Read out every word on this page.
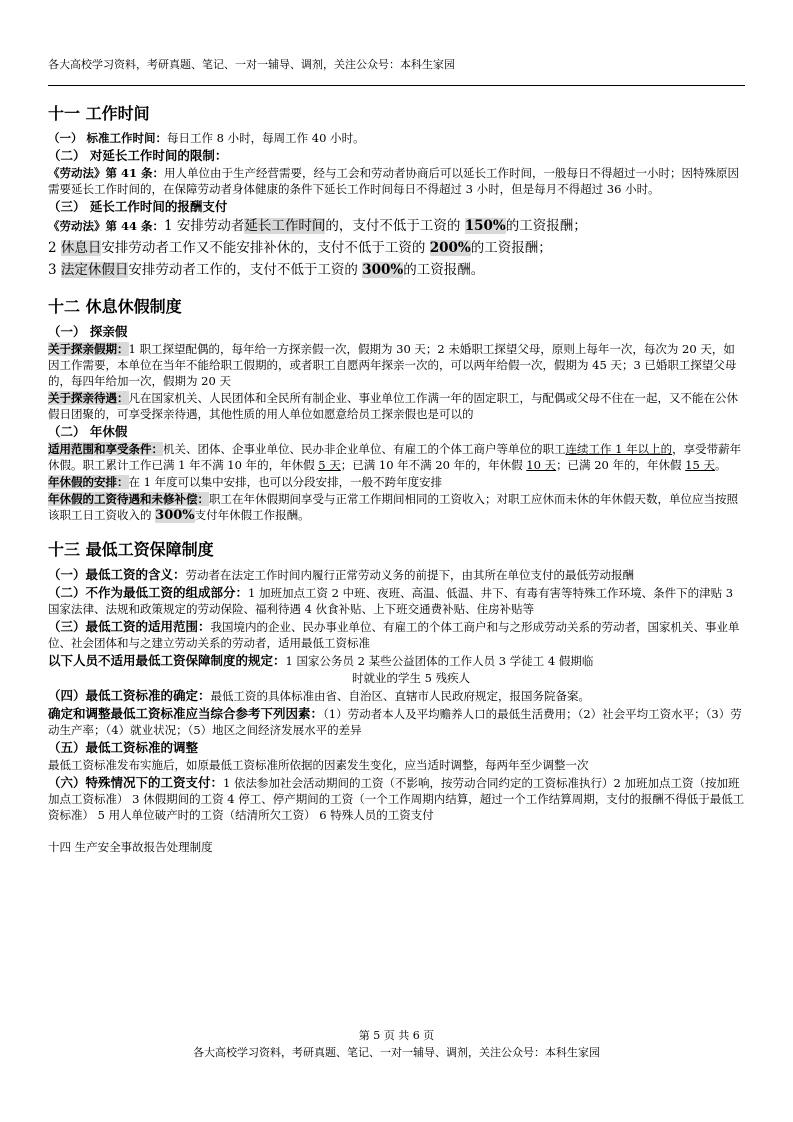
各大高校学习资料，考研真题、笔记、一对一辅导、调剂，关注公众号：本科生家园
十一 工作时间
（一） 标准工作时间：每日工作 8 小时，每周工作 40 小时。
（二） 对延长工作时间的限制：
《劳动法》第 41 条：用人单位由于生产经营需要，经与工会和劳动者协商后可以延长工作时间，一般每日不得超过一小时；因特殊原因需要延长工作时间的，在保障劳动者身体健康的条件下延长工作时间每日不得超过 3 小时，但是每月不得超过 36 小时。
（三） 延长工作时间的报酬支付
《劳动法》第 44 条：1 安排劳动者延长工作时间的，支付不低于工资的 150%的工资报酬；
2 休息日安排劳动者工作又不能安排补休的，支付不低于工资的 200%的工资报酬；
3 法定休假日安排劳动者工作的，支付不低于工资的 300%的工资报酬。
十二 休息休假制度
（一） 探亲假
关于探亲假期：1 职工探望配偶的，每年给一方探亲假一次，假期为 30 天；2 未婚职工探望父母，原则上每年一次，每次为 20 天，如因工作需要，本单位在当年不能给职工假期的，或者职工自愿两年探亲一次的，可以两年给假一次，假期为 45 天；3 已婚职工探望父母的，每四年给加一次，假期为 20 天
关于探亲待遇：凡在国家机关、人民团体和全民所有制企业、事业单位工作满一年的固定职工，与配偶或父母不住在一起，又不能在公休假日团聚的，可享受探亲待遇，其他性质的用人单位如愿意给员工探亲假也是可以的
（二） 年休假
适用范围和享受条件：机关、团体、企事业单位、民办非企业单位、有雇工的个体工商户等单位的职工连续工作 1 年以上的，享受带薪年休假。职工累计工作已满 1 年不满 10 年的，年休假 5 天；已满 10 年不满 20 年的，年休假 10 天；已满 20 年的，年休假 15 天。
年休假的安排：在 1 年度可以集中安排，也可以分段安排，一般不跨年度安排
年休假的工资待遇和未修补偿：职工在年休假期间享受与正常工作期间相同的工资收入；对职工应休而未休的年休假天数，单位应当按照该职工日工资收入的 300%支付年休假工作报酬。
十三 最低工资保障制度
（一）最低工资的含义：劳动者在法定工作时间内履行正常劳动义务的前提下，由其所在单位支付的最低劳动报酬
（二）不作为最低工资的组成部分：1 加班加点工资 2 中班、夜班、高温、低温、井下、有毒有害等特殊工作环境、条件下的津贴 3 国家法律、法规和政策规定的劳动保险、福利待遇 4 伙食补贴、上下班交通费补贴、住房补贴等
（三）最低工资的适用范围：我国境内的企业、民办事业单位、有雇工的个体工商户和与之形成劳动关系的劳动者，国家机关、事业单位、社会团体和与之建立劳动关系的劳动者，适用最低工资标准
以下人员不适用最低工资保障制度的规定：1 国家公务员 2 某些公益团体的工作人员 3 学徒工 4 假期临
时就业的学生 5 残疾人
（四）最低工资标准的确定：最低工资的具体标准由省、自治区、直辖市人民政府规定，报国务院备案。
确定和调整最低工资标准应当综合参考下列因素：（1）劳动者本人及平均赡养人口的最低生活费用；（2）社会平均工资水平；（3）劳动生产率；（4）就业状况；（5）地区之间经济发展水平的差异
（五）最低工资标准的调整
最低工资标准发布实施后，如原最低工资标准所依据的因素发生变化，应当适时调整，每两年至少调整一次
（六）特殊情况下的工资支付：1 依法参加社会活动期间的工资（不影响，按劳动合同约定的工资标准执行）2 加班加点工资（按加班加点工资标准） 3 休假期间的工资 4 停工、停产期间的工资（一个工作周期内结算，超过一个工作结算周期，支付的报酬不得低于最低工资标准） 5 用人单位破产时的工资（结清所欠工资） 6 特殊人员的工资支付
十四 生产安全事故报告处理制度
第 5 页 共 6 页
各大高校学习资料，考研真题、笔记、一对一辅导、调剂，关注公众号：本科生家园
